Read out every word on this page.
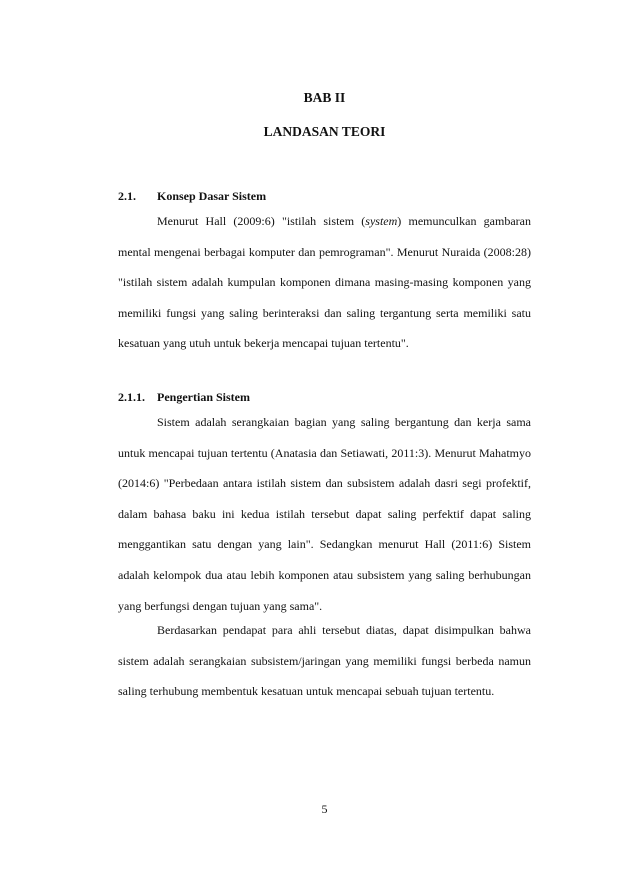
BAB II
LANDASAN TEORI
2.1. Konsep Dasar Sistem

Menurut Hall (2009:6) "istilah sistem (system) memunculkan gambaran mental mengenai berbagai komputer dan pemrograman". Menurut Nuraida (2008:28) "istilah sistem adalah kumpulan komponen dimana masing-masing komponen yang memiliki fungsi yang saling berinteraksi dan saling tergantung serta memiliki satu kesatuan yang utuh untuk bekerja mencapai tujuan tertentu".

2.1.1. Pengertian Sistem

Sistem adalah serangkaian bagian yang saling bergantung dan kerja sama untuk mencapai tujuan tertentu (Anatasia dan Setiawati, 2011:3). Menurut Mahatmyo (2014:6) "Perbedaan antara istilah sistem dan subsistem adalah dasri segi profektif, dalam bahasa baku ini kedua istilah tersebut dapat saling perfektif dapat saling menggantikan satu dengan yang lain". Sedangkan menurut Hall (2011:6) Sistem adalah kelompok dua atau lebih komponen atau subsistem yang saling berhubungan yang berfungsi dengan tujuan yang sama".

Berdasarkan pendapat para ahli tersebut diatas, dapat disimpulkan bahwa sistem adalah serangkaian subsistem/jaringan yang memiliki fungsi berbeda namun saling terhubung membentuk kesatuan untuk mencapai sebuah tujuan tertentu.

5
